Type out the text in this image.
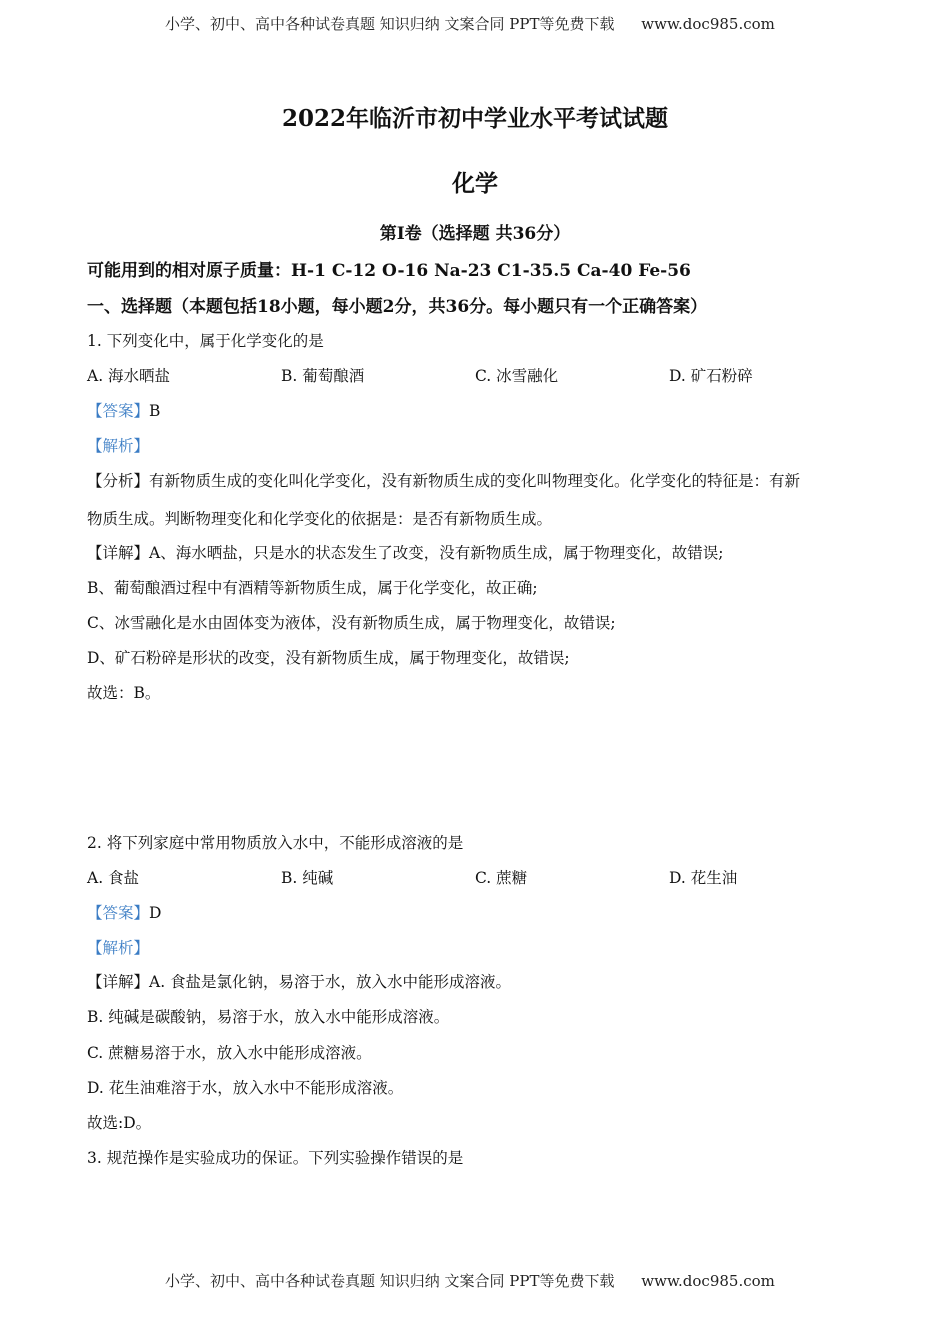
小学、初中、高中各种试卷真题 知识归纳 文案合同 PPT等免费下载 www.doc985.com
2022年临沂市初中学业水平考试试题
化学
第I卷（选择题 共36分）
可能用到的相对原子质量：H-1 C-12 O-16 Na-23 C1-35.5 Ca-40 Fe-56
一、选择题（本题包括18小题，每小题2分，共36分。每小题只有一个正确答案）
1. 下列变化中，属于化学变化的是
A. 海水晒盐	B. 葡萄酿酒	C. 冰雪融化	D. 矿石粉碎
【答案】B
【解析】
【分析】有新物质生成的变化叫化学变化，没有新物质生成的变化叫物理变化。化学变化的特征是：有新
物质生成。判断物理变化和化学变化的依据是：是否有新物质生成。
【详解】A、海水晒盐，只是水的状态发生了改变，没有新物质生成，属于物理变化，故错误;
B、葡萄酿酒过程中有酒精等新物质生成，属于化学变化，故正确;
C、冰雪融化是水由固体变为液体，没有新物质生成，属于物理变化，故错误;
D、矿石粉碎是形状的改变，没有新物质生成，属于物理变化，故错误;
故选：B。
2. 将下列家庭中常用物质放入水中，不能形成溶液的是
A. 食盐	B. 纯碱	C. 蔗糖	D. 花生油
【答案】D
【解析】
【详解】A. 食盐是氯化钠，易溶于水，放入水中能形成溶液。
B. 纯碱是碳酸钠，易溶于水，放入水中能形成溶液。
C. 蔗糖易溶于水，放入水中能形成溶液。
D. 花生油难溶于水，放入水中不能形成溶液。
故选:D。
3. 规范操作是实验成功的保证。下列实验操作错误的是
小学、初中、高中各种试卷真题 知识归纳 文案合同 PPT等免费下载 www.doc985.com
